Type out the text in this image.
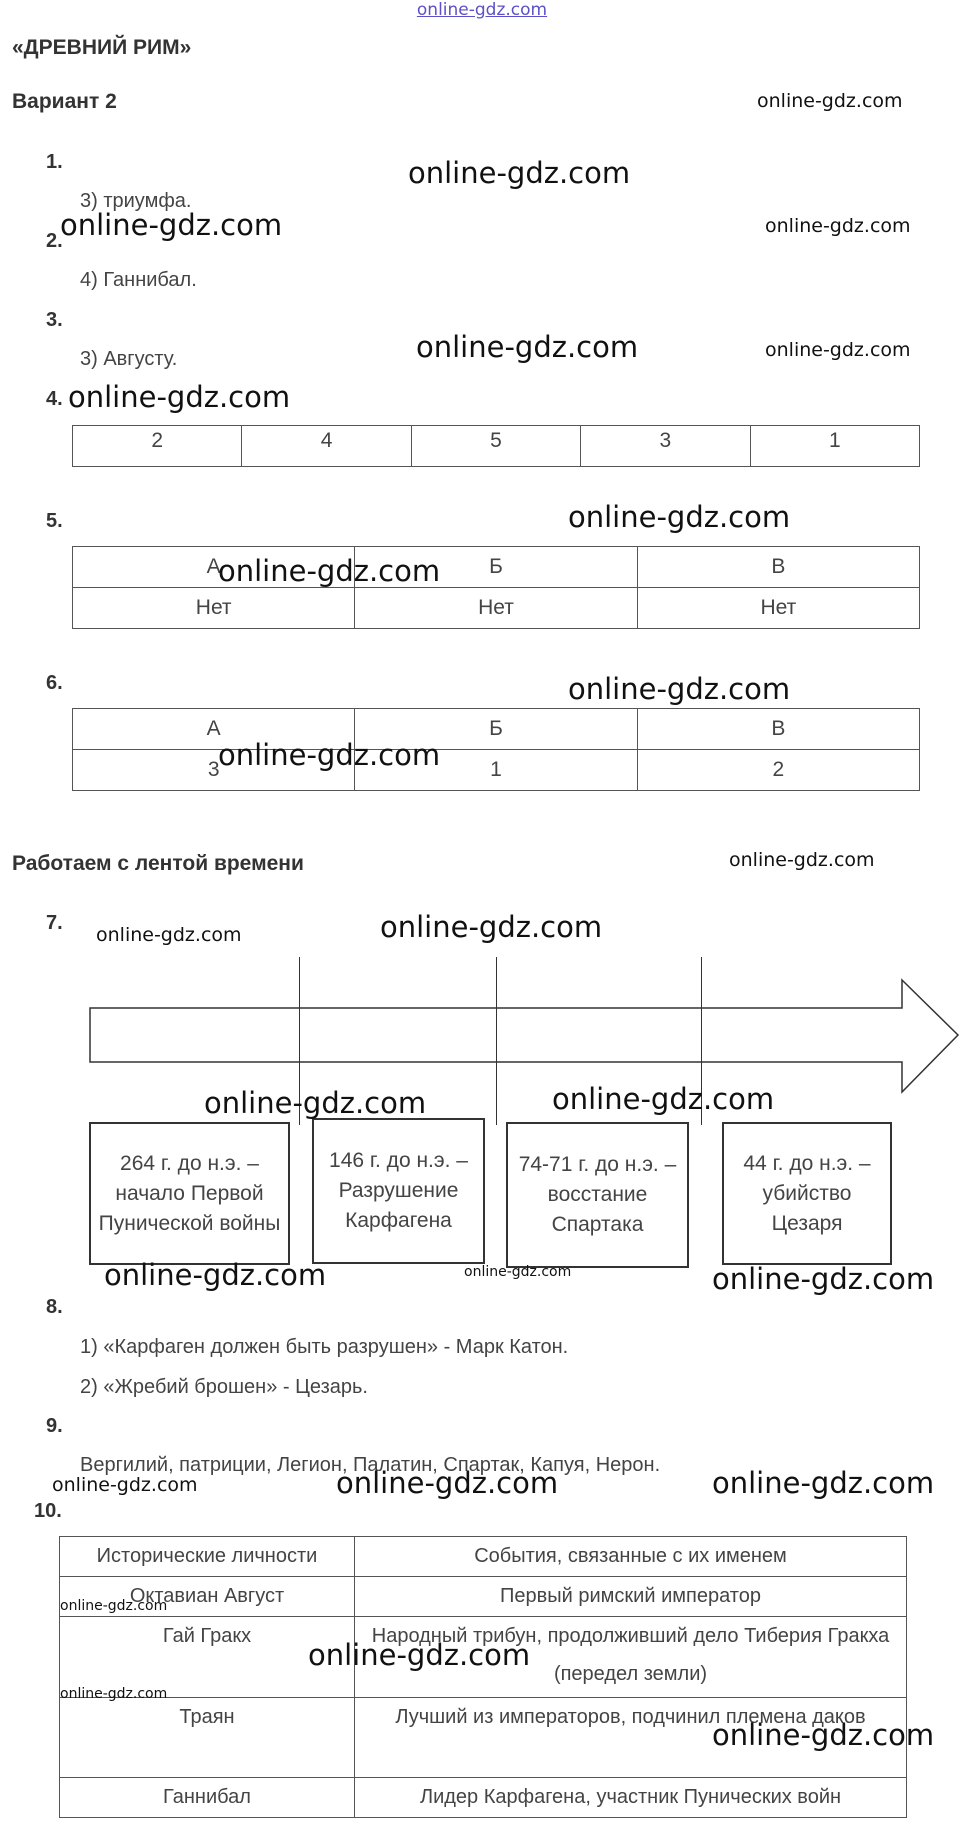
online-gdz.com
«ДРЕВНИЙ РИМ»
Вариант 2
1.
3) триумфа.
2.
4) Ганнибал.
3.
3) Августу.
4.
2	4	5	3	1
5.
А	Б	В
Нет	Нет	Нет
6.
А	Б	В
3	1	2
Работаем с лентой времени
7.
264 г. до н.э. – начало Первой Пунической войны
146 г. до н.э. – Разрушение Карфагена
74-71 г. до н.э. – восстание Спартака
44 г. до н.э. – убийство Цезаря
8.
1) «Карфаген должен быть разрушен» - Марк Катон.
2) «Жребий брошен» - Цезарь.
9.
Вергилий, патриции, Легион, Палатин, Спартак, Капуя, Нерон.
10.
Исторические личности	События, связанные с их именем
Октавиан Август	Первый римский император
Гай Гракх	Народный трибун, продолживший дело Тиберия Гракха (передел земли)
Траян	Лучший из императоров, подчинил племена даков
Ганнибал	Лидер Карфагена, участник Пунических войн
online-gdz.com
online-gdz.com
online-gdz.com	online-gdz.com
online-gdz.com	online-gdz.com
online-gdz.com
online-gdz.com
online-gdz.com
online-gdz.com
online-gdz.com
online-gdz.com
online-gdz.com	online-gdz.com
online-gdz.com	online-gdz.com
online-gdz.com	online-gdz.com	online-gdz.com
online-gdz.com	online-gdz.com	online-gdz.com
online-gdz.com
online-gdz.com
online-gdz.com
online-gdz.com
